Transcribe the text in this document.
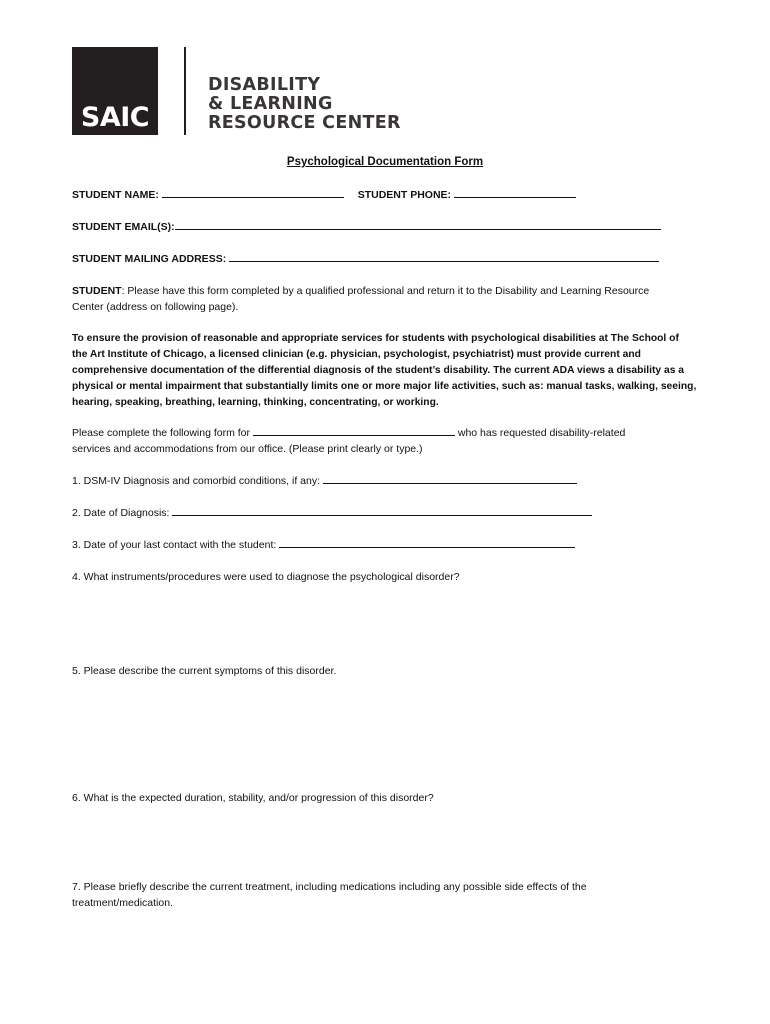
SAIC
DISABILITY
& LEARNING
RESOURCE CENTER
Psychological Documentation Form
STUDENT NAME:	STUDENT PHONE:
STUDENT EMAIL(S):
STUDENT MAILING ADDRESS:
STUDENT: Please have this form completed by a qualified professional and return it to the Disability and Learning Resource Center (address on following page).
To ensure the provision of reasonable and appropriate services for students with psychological disabilities at The School of the Art Institute of Chicago, a licensed clinician (e.g. physician, psychologist, psychiatrist) must provide current and comprehensive documentation of the differential diagnosis of the student’s disability. The current ADA views a disability as a physical or mental impairment that substantially limits one or more major life activities, such as: manual tasks, walking, seeing, hearing, speaking, breathing, learning, thinking, concentrating, or working.
Please complete the following form for	who has requested disability-related
services and accommodations from our office. (Please print clearly or type.)
1. DSM-IV Diagnosis and comorbid conditions, if any:
2. Date of Diagnosis:
3. Date of your last contact with the student:
4. What instruments/procedures were used to diagnose the psychological disorder?
5. Please describe the current symptoms of this disorder.
6. What is the expected duration, stability, and/or progression of this disorder?
7. Please briefly describe the current treatment, including medications including any possible side effects of the treatment/medication.
